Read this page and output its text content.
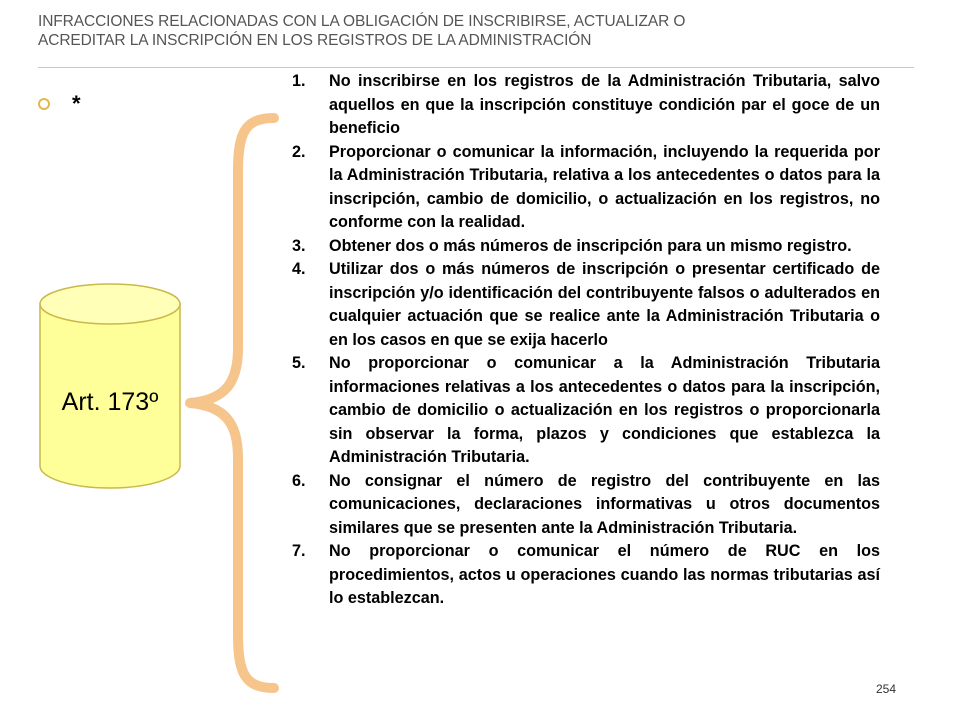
INFRACCIONES RELACIONADAS CON LA OBLIGACIÓN DE INSCRIBIRSE, ACTUALIZAR O
ACREDITAR LA INSCRIPCIÓN EN LOS REGISTROS DE LA ADMINISTRACIÓN
*
Art. 173º
1.	No inscribirse en los registros de la Administración Tributaria, salvo aquellos en que la inscripción constituye condición par el goce de un beneficio
2.	Proporcionar o comunicar la información, incluyendo la requerida por la Administración Tributaria, relativa a los antecedentes o datos para la inscripción, cambio de domicilio, o actualización en los registros, no conforme con la realidad.
3.	Obtener dos o más números de inscripción para un mismo registro.
4.	Utilizar dos o más números de inscripción o presentar certificado de inscripción y/o identificación del contribuyente falsos o adulterados en cualquier actuación que se realice ante la Administración Tributaria o en los casos en que se exija hacerlo
5.	No proporcionar o comunicar a la Administración Tributaria informaciones relativas a los antecedentes o datos para la inscripción, cambio de domicilio o actualización en los registros o proporcionarla sin observar la forma, plazos y condiciones que establezca la Administración Tributaria.
6.	No consignar el número de registro del contribuyente en las comunicaciones, declaraciones informativas u otros documentos similares que se presenten ante la Administración Tributaria.
7.	No proporcionar o comunicar el número de RUC en los procedimientos, actos u operaciones cuando las normas tributarias así lo establezcan.
254
